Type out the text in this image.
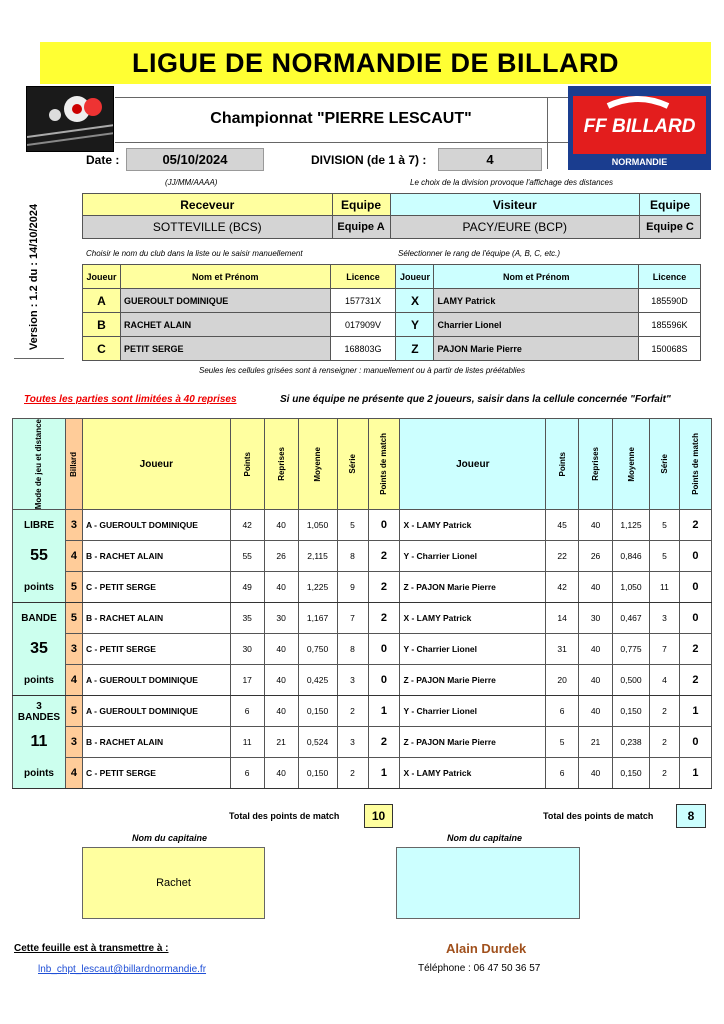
LIGUE DE NORMANDIE DE BILLARD
FF BILLARD
NORMANDIE
Championnat "PIERRE LESCAUT"
Date :	05/10/2024	DIVISION (de 1 à 7) :	4
(JJ/MM/AAAA)	Le choix de la division provoque l'affichage des distances
Version : 1.2 du : 14/10/2024	Receveur	Equipe	Visiteur	Equipe
SOTTEVILLE (BCS)	Equipe A	PACY/EURE (BCP)	Equipe C
Choisir le nom du club dans la liste ou le saisir manuellement	Sélectionner le rang de l'équipe (A, B, C, etc.)
Joueur	Nom et Prénom	Licence	Joueur	Nom et Prénom	Licence
A	GUEROULT DOMINIQUE	157731X	X	LAMY Patrick	185590D
B	RACHET ALAIN	017909V	Y	Charrier Lionel	185596K
C	PETIT SERGE	168803G	Z	PAJON Marie Pierre	150068S
Seules les cellules grisées sont à renseigner : manuellement ou à partir de listes préétablies
Toutes les parties sont limitées à 40 reprises	Si une équipe ne présente que 2 joueurs, saisir dans la cellule concernée "Forfait"
Mode de jeu et distance	Billard	Joueur	Points	Reprises	Moyenne	Série	Points de match	Joueur	Points	Reprises	Moyenne	Série	Points de match

LIBRE	3	A - GUEROULT DOMINIQUE	42	40	1,050	5	0	X - LAMY Patrick	45	40	1,125	5	2
55	4	B - RACHET ALAIN	55	26	2,115	8	2	Y - Charrier Lionel	22	26	0,846	5	0
points	5	C - PETIT SERGE	49	40	1,225	9	2	Z - PAJON Marie Pierre	42	40	1,050	11	0
BANDE	5	B - RACHET ALAIN	35	30	1,167	7	2	X - LAMY Patrick	14	30	0,467	3	0
35	3	C - PETIT SERGE	30	40	0,750	8	0	Y - Charrier Lionel	31	40	0,775	7	2
points	4	A - GUEROULT DOMINIQUE	17	40	0,425	3	0	Z - PAJON Marie Pierre	20	40	0,500	4	2
3 BANDES	5	A - GUEROULT DOMINIQUE	6	40	0,150	2	1	Y - Charrier Lionel	6	40	0,150	2	1
11	3	B - RACHET ALAIN	11	21	0,524	3	2	Z - PAJON Marie Pierre	5	21	0,238	2	0
points	4	C - PETIT SERGE	6	40	0,150	2	1	X - LAMY Patrick	6	40	0,150	2	1
Total des points de match	10	Total des points de match	8
Nom du capitaine
Rachet
Nom du capitaine
Cette feuille est à transmettre à :
lnb_chpt_lescaut@billardnormandie.fr
Alain Durdek
Téléphone : 06 47 50 36 57
